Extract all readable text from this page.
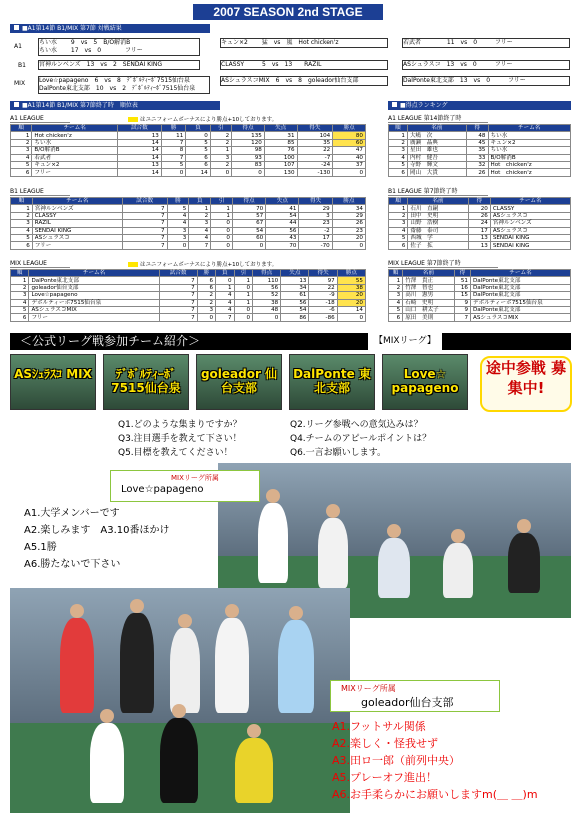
2007 SEASON 2nd STAGE
■A1第14節 B1/MIX 第7節 対戦結果
A1
ちい水 　　9　vs　5　B/O解消B
ちい水 　　17　vs　0　　　　フリー
キュン×2 　　猛　vs　嵐　Hot chicken'z	若武者 　　　　11　vs　0　　　フリー
B1 宮神ルンベンズ　13　vs　2　SENDAI KING	CLASSY　　　5　vs　13　　RAZIL	ASシュラスコ　13　vs　0　　　フリー
MIX Love☆papageno　6　vs　8　ﾃﾞﾎﾞﾙﾃｨｰﾎﾞ7515仙台泉
DalPonte東北支部　10　vs　2　ﾃﾞﾎﾞﾙﾃｨｰﾎﾞ7515仙台泉
ASシュラスコMIX　6　vs　8　goleador仙台支部	DalPonte東北支部　13　vs　0　　　フリー
■A1第14節 B1/MIX 第7節終了時　順位表	■得点ランキング
A1 LEAGUE	はユニフォームボーナスにより勝点+10しております。
順	チーム名	試合数	勝	負	引	得点	失点	得失	勝点
1	Hot chicken'z	13	11	0	2	135	31	104	80
2	ちい水	14	7	5	2	120	85	35	60
3	B/O解消B	14	8	5	1	98	76	22	47
4	若武者	14	7	6	3	93	100	-7	40
5	キュン×2	13	5	6	2	83	107	-24	37
6	フリー	14	0	14	0	0	130	-130	0
B1 LEAGUE
順	チーム名	試合数	勝	負	引	得点	失点	得失	勝点
1	宮神ルンベンズ	7	5	1	1	70	41	29	34
2	CLASSY	7	4	2	1	57	54	3	29
3	RAZIL	7	4	3	0	67	44	23	26
4	SENDAI KING	7	3	4	0	54	56	-2	23
5	ASシュラスコ	7	3	4	0	60	43	17	20
6	フリー	7	0	7	0	0	70	-70	0
MIX LEAGUE	はユニフォームボーナスにより勝点+10しております。
順	チーム名	試合数	勝	負	引	得点	失点	得失	勝点
1	DalPonte東北支部	7	6	0	1	110	13	97	55
2	goleador仙台支部	7	6	1	0	56	34	22	38
3	Love☆papageno	7	2	4	1	52	61	-9	20
4	デボルティーボ7515仙台泉	7	2	4	1	38	56	-18	20
5	ASシュラスコMIX	7	3	4	0	48	54	-6	14
6	フリー	7	0	7	0	0	86	-86	0
A1 LEAGUE 第14節終了時
順	名前	得	チーム名
1	大嶋　次	48	ちい水
2	廣瀬　晶典	45	キュン×2
3	星田　雄也	35	ちい水
4	内村　健吾	33	B/O解消B
5	寺野　輝文	32	Hot　chicken'z
6	岡山　大貴	26	Hot　chicken'z
B1 LEAGUE 第7節終了時
順	名前	得	チーム名
1	石川　直嗣	20	CLASSY
2	田中　史明	26	ASシュラスコ
3	山野　浩樹	24	宮神ルンベンズ
4	齋藤　泰司	17	ASシュラスコ
5	西城　学	13	SENDAI KING
6	佐子　拡	13	SENDAI KING
MIX LEAGUE 第7節終了時
順	名前	得	チーム名
1	竹澤　貴正	51	DalPonte東北支部
2	竹澤　智也	16	DalPonte東北支部
3	高川　憲男	15	DalPonte東北支部
4	石崎　史明	9	デボルティーボ7515仙台泉
5	山口　耕太子	9	DalPonte東北支部
6	原田　美則	7	ASシュラスコMIX
＜公式リーグ戦参加チーム紹介＞	【MIXリーグ】
ASｼｭﾗｽｺ MIX	ﾃﾞﾎﾞﾙﾃｨｰﾎﾞ 7515仙台泉
goleador 仙台支部
DalPonte 東北支部
Love☆ papageno
途中参戦 募集中!
Q1.どのような集まりですか？	Q2.リーグ参戦への意気込みは？
Q3.注目選手を教えて下さい！	Q4.チームのアピールポイントは？
Q5.目標を教えてください！	Q6.一言お願いします。
MIXリーグ所属
Love☆papageno
A1.大学メンバーです
A2.楽しみます　A3.10番ほかけ
A5.1勝
A6.勝たないで下さい
MIXリーグ所属
goleador仙台支部
A1.フットサル関係
A2.楽しく・怪我せず
A3.田ロ一郎（前列中央）
A5.プレーオフ進出！
A6.お手柔らかにお願いしますm(＿ ＿)m
